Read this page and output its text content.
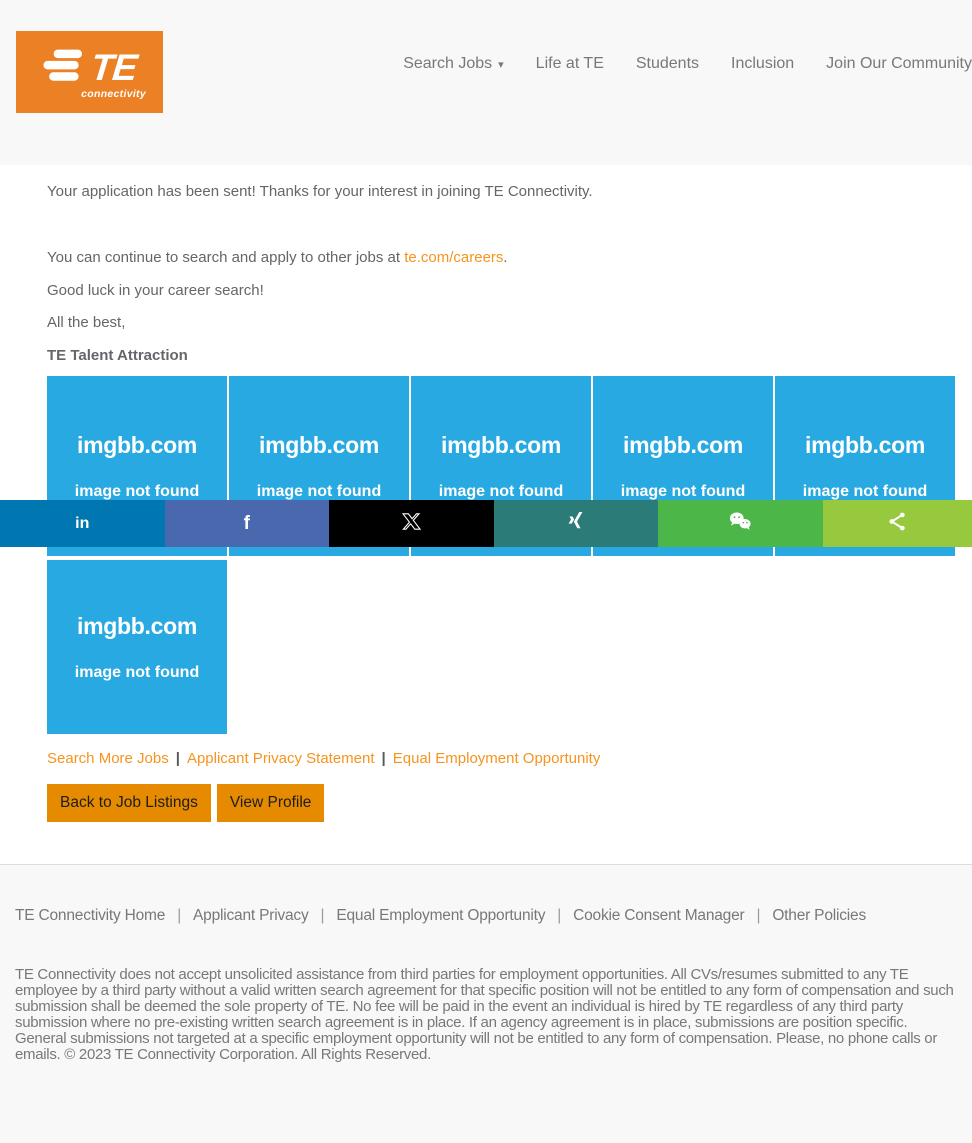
TE
connectivity
Search Jobs ▾ Life at TE Students Inclusion Join Our Community

Your application has been sent! Thanks for your interest in joining TE Connectivity.

You can continue to search and apply to other jobs at te.com/careers.

Good luck in your career search!

All the best,

TE Talent Attraction

imgbb.com
image not found
imgbb.com
image not found
imgbb.com
image not found
imgbb.com
image not found
imgbb.com
image not found
imgbb.com
image not found
Search More Jobs | Applicant Privacy Statement | Equal Employment Opportunity
Back to Job Listings	View Profile
in	f
TE Connectivity Home | Applicant Privacy | Equal Employment Opportunity | Cookie Consent Manager | Other Policies

TE Connectivity does not accept unsolicited assistance from third parties for employment opportunities. All CVs/resumes submitted to any TE employee by a third party without a valid written search agreement for that specific position will not be entitled to any form of compensation and such submission shall be deemed the sole property of TE. No fee will be paid in the event an individual is hired by TE regardless of any third party submission where no pre-existing written search agreement is in place. If an agency agreement is in place, submissions are position specific. General submissions not targeted at a specific employment opportunity will not be entitled to any form of compensation. Please, no phone calls or emails. © 2023 TE Connectivity Corporation. All Rights Reserved.
